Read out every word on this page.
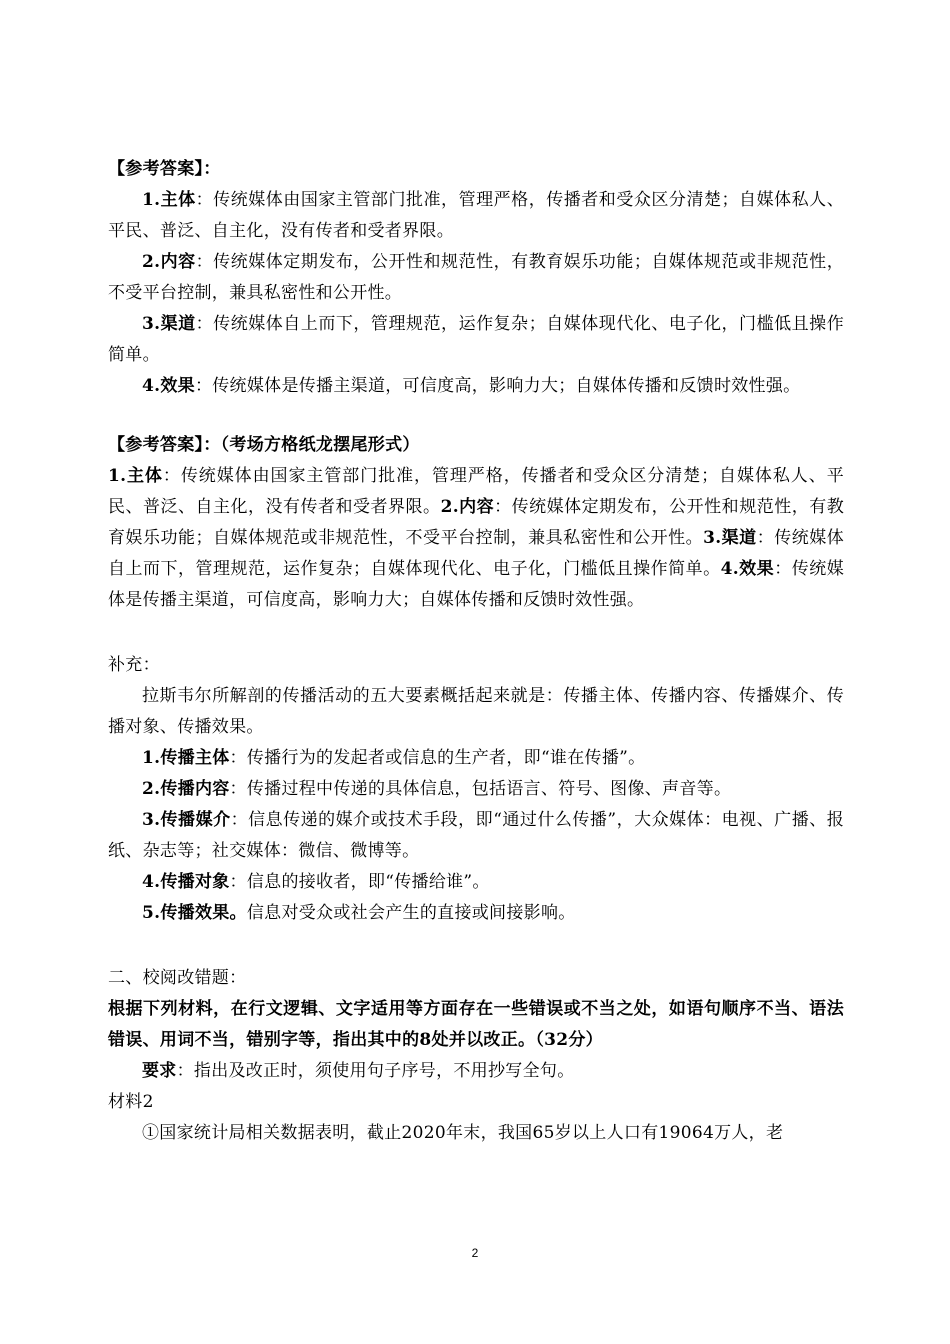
【参考答案】：

1.主体：传统媒体由国家主管部门批准，管理严格，传播者和受众区分清楚；自媒体私人、平民、普泛、自主化，没有传者和受者界限。

2.内容：传统媒体定期发布，公开性和规范性，有教育娱乐功能；自媒体规范或非规范性，不受平台控制，兼具私密性和公开性。

3.渠道：传统媒体自上而下，管理规范，运作复杂；自媒体现代化、电子化，门槛低且操作简单。

4.效果：传统媒体是传播主渠道，可信度高，影响力大；自媒体传播和反馈时效性强。

【参考答案】：（考场方格纸龙摆尾形式）

1.主体：传统媒体由国家主管部门批准，管理严格，传播者和受众区分清楚；自媒体私人、平民、普泛、自主化，没有传者和受者界限。2.内容：传统媒体定期发布，公开性和规范性，有教育娱乐功能；自媒体规范或非规范性，不受平台控制，兼具私密性和公开性。3.渠道：传统媒体自上而下，管理规范，运作复杂；自媒体现代化、电子化，门槛低且操作简单。4.效果：传统媒体是传播主渠道，可信度高，影响力大；自媒体传播和反馈时效性强。

补充：

拉斯韦尔所解剖的传播活动的五大要素概括起来就是：传播主体、传播内容、传播媒介、传播对象、传播效果。

1.传播主体：传播行为的发起者或信息的生产者，即“谁在传播”。

2.传播内容：传播过程中传递的具体信息，包括语言、符号、图像、声音等。

3.传播媒介：信息传递的媒介或技术手段，即“通过什么传播”，大众媒体：电视、广播、报纸、杂志等；社交媒体：微信、微博等。

4.传播对象：信息的接收者，即“传播给谁”。

5.传播效果。信息对受众或社会产生的直接或间接影响。

二、校阅改错题：

根据下列材料，在行文逻辑、文字适用等方面存在一些错误或不当之处，如语句顺序不当、语法错误、用词不当，错别字等，指出其中的8处并以改正。（32分）

要求：指出及改正时，须使用句子序号，不用抄写全句。

材料2

①国家统计局相关数据表明，截止2020年末，我国65岁以上人口有19064万人，老

2
